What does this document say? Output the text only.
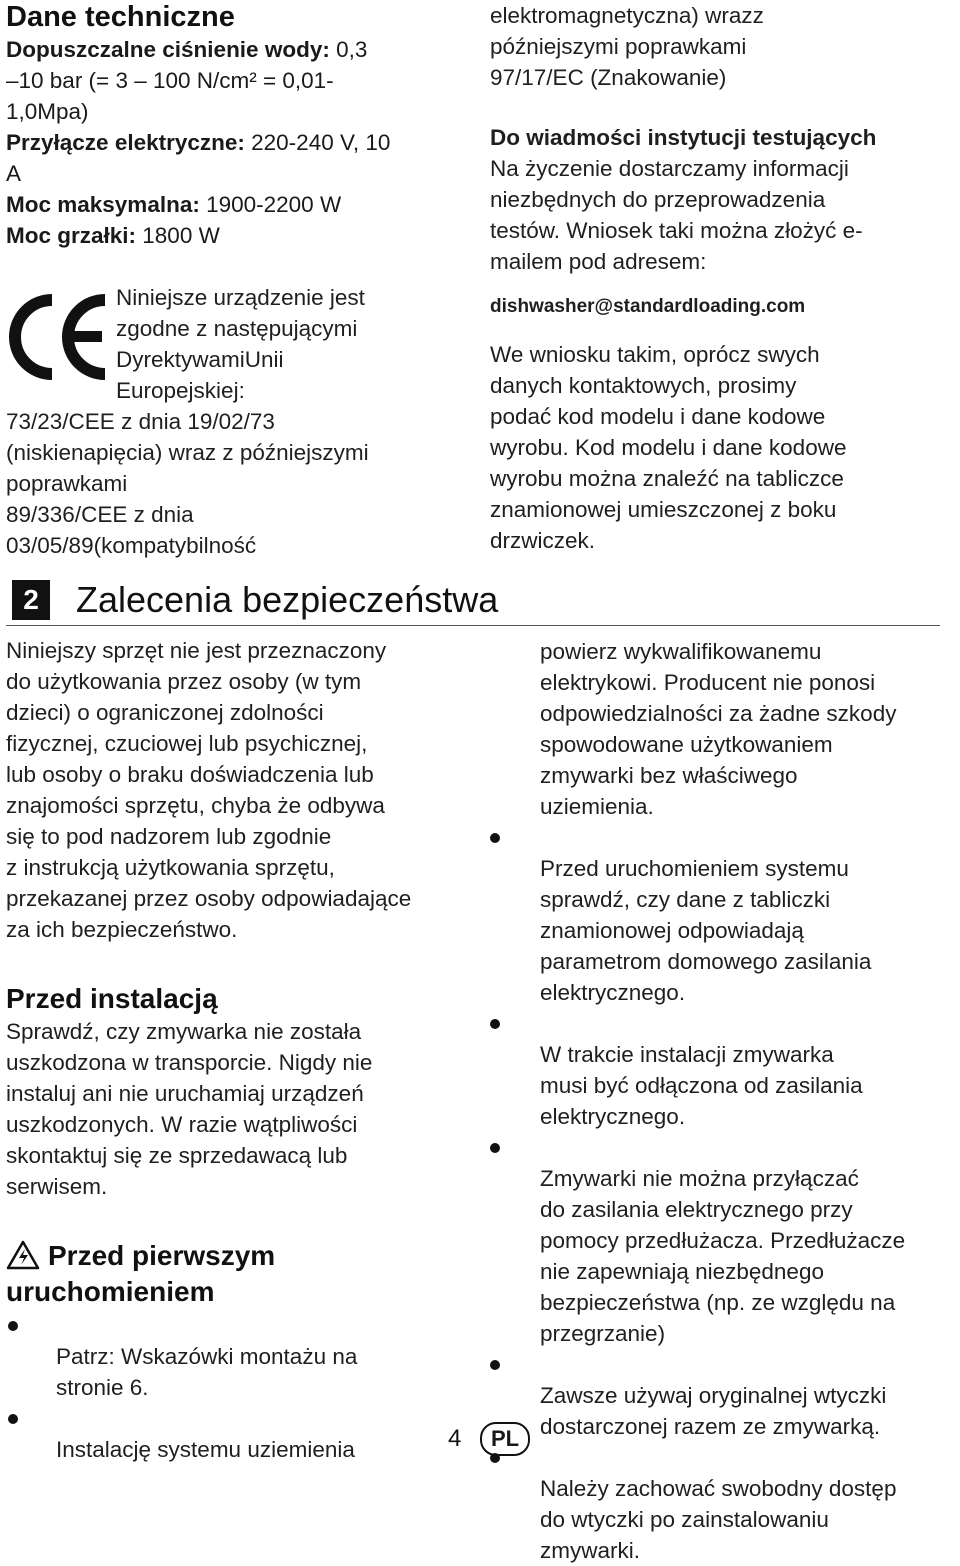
Dane techniczne
Dopuszczalne ciśnienie wody: 0,3
–10 bar (= 3 – 100 N/cm² = 0,01-
1,0Mpa)
Przyłącze elektryczne: 220-240 V, 10
A
Moc maksymalna: 1900-2200 W
Moc grzałki: 1800 W
Niniejsze urządzenie jest
zgodne z następującymi
DyrektywamiUnii
Europejskiej:
73/23/CEE z dnia 19/02/73
(niskienapięcia) wraz z późniejszymi
poprawkami
89/336/CEE z dnia
03/05/89(kompatybilność
elektromagnetyczna) wrazz
późniejszymi poprawkami
97/17/EC (Znakowanie)
Do wiadmości instytucji testujących
Na życzenie dostarczamy informacji
niezbędnych do przeprowadzenia
testów. Wniosek taki można złożyć e-
mailem pod adresem:
dishwasher@standardloading.com
We wniosku takim, oprócz swych
danych kontaktowych, prosimy
podać kod modelu i dane kodowe
wyrobu. Kod modelu i dane kodowe
wyrobu można znaleźć na tabliczce
znamionowej umieszczonej z boku
drzwiczek.
2	Zalecenia bezpieczeństwa
Niniejszy sprzęt nie jest przeznaczony
do użytkowania przez osoby (w tym
dzieci) o ograniczonej zdolności
fizycznej, czuciowej lub psychicznej,
lub osoby o braku doświadczenia lub
znajomości sprzętu, chyba że odbywa
się to pod nadzorem lub zgodnie
z instrukcją użytkowania sprzętu,
przekazanej przez osoby odpowiadające
za ich bezpieczeństwo.
Przed instalacją
Sprawdź, czy zmywarka nie została
uszkodzona w transporcie. Nigdy nie
instaluj ani nie uruchamiaj urządzeń
uszkodzonych. W razie wątpliwości
skontaktuj się ze sprzedawacą lub
serwisem.
Przed pierwszym
uruchomieniem

Patrz: Wskazówki montażu na
stronie 6.

Instalację systemu uziemienia

powierz wykwalifikowanemu
elektrykowi. Producent nie ponosi
odpowiedzialności za żadne szkody
spowodowane użytkowaniem
zmywarki bez właściwego
uziemienia.

Przed uruchomieniem systemu
sprawdź, czy dane z tabliczki
znamionowej odpowiadają
parametrom domowego zasilania
elektrycznego.

W trakcie instalacji zmywarka
musi być odłączona od zasilania
elektrycznego.

Zmywarki nie można przyłączać
do zasilania elektrycznego przy
pomocy przedłużacza. Przedłużacze
nie zapewniają niezbędnego
bezpieczeństwa (np. ze względu na
przegrzanie)

Zawsze używaj oryginalnej wtyczki
dostarczonej razem ze zmywarką.

Należy zachować swobodny dostęp
do wtyczki po zainstalowaniu
zmywarki.

4	PL
